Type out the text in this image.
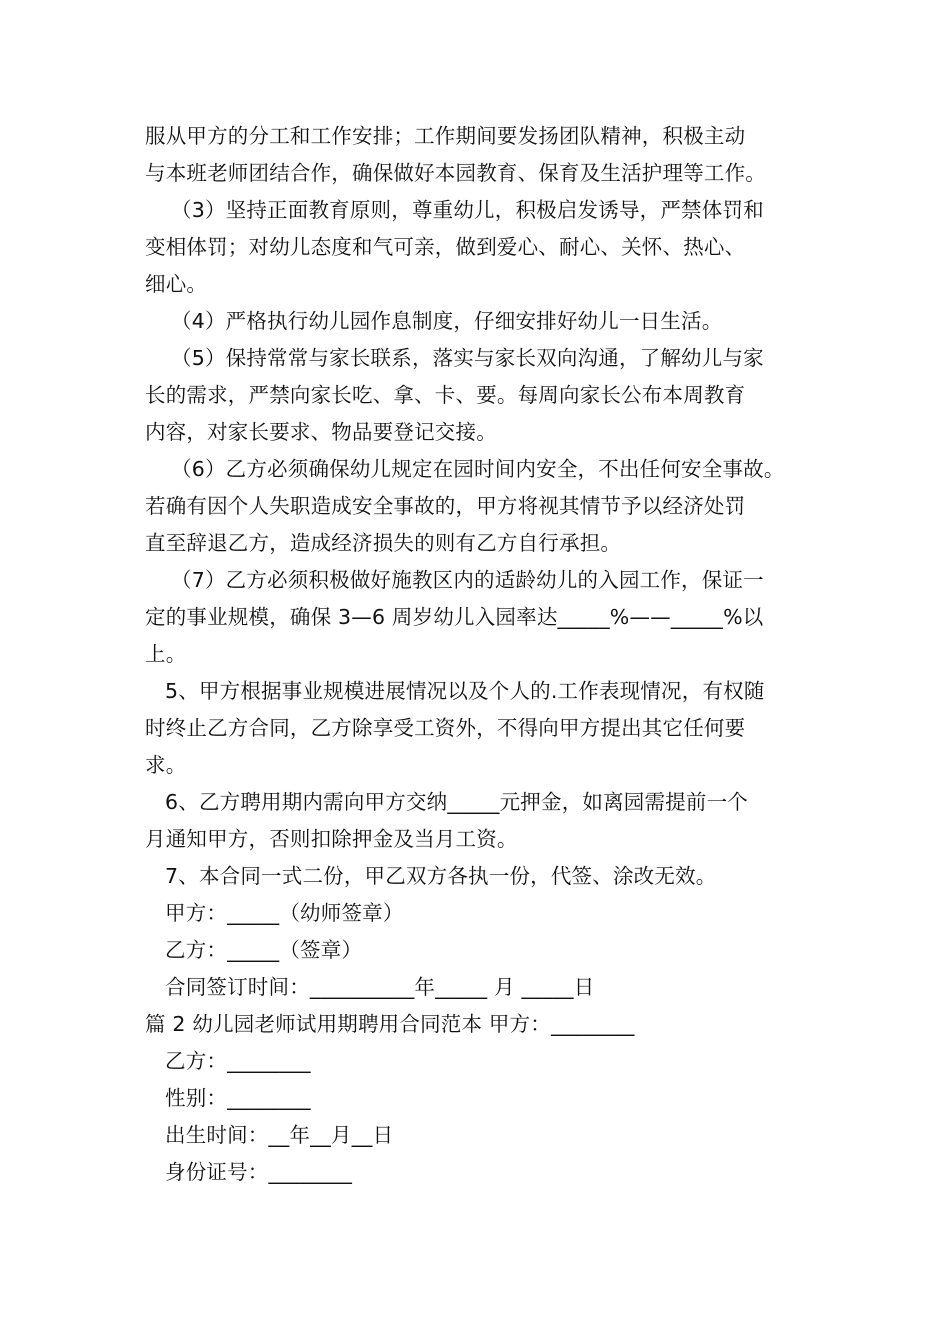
服从甲方的分工和工作安排；工作期间要发扬团队精神，积极主动
与本班老师团结合作，确保做好本园教育、保育及生活护理等工作。
（3）坚持正面教育原则，尊重幼儿，积极启发诱导，严禁体罚和
变相体罚；对幼儿态度和气可亲，做到爱心、耐心、关怀、热心、
细心。
（4）严格执行幼儿园作息制度，仔细安排好幼儿一日生活。
（5）保持常常与家长联系，落实与家长双向沟通，了解幼儿与家
长的需求，严禁向家长吃、拿、卡、要。每周向家长公布本周教育
内容，对家长要求、物品要登记交接。
（6）乙方必须确保幼儿规定在园时间内安全，不出任何安全事故。
若确有因个人失职造成安全事故的，甲方将视其情节予以经济处罚
直至辞退乙方，造成经济损失的则有乙方自行承担。
（7）乙方必须积极做好施教区内的适龄幼儿的入园工作，保证一
定的事业规模，确保 3—6 周岁幼儿入园率达_____%——_____%以
上。
5、甲方根据事业规模进展情况以及个人的.工作表现情况，有权随
时终止乙方合同，乙方除享受工资外，不得向甲方提出其它任何要
求。
6、乙方聘用期内需向甲方交纳_____元押金，如离园需提前一个
月通知甲方，否则扣除押金及当月工资。
7、本合同一式二份，甲乙双方各执一份，代签、涂改无效。
甲方：_____（幼师签章）
乙方：_____（签章）
合同签订时间：__________年_____ 月 _____日
篇 2 幼儿园老师试用期聘用合同范本 甲方：________
乙方：________
性别：________
出生时间：__年__月__日
身份证号：________
